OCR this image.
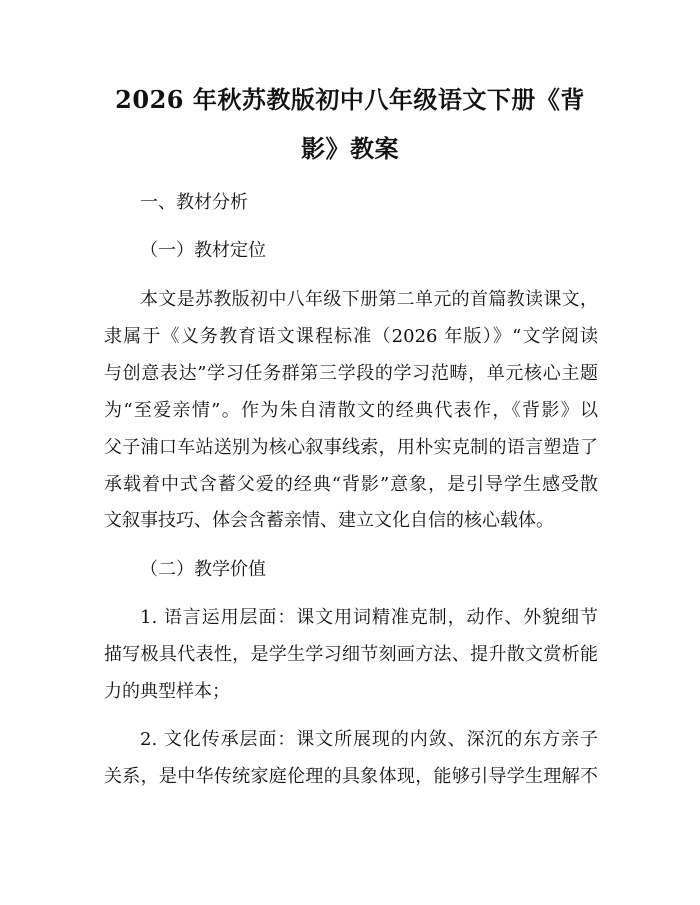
2026 年秋苏教版初中八年级语文下册《背
影》教案
一、教材分析
（一）教材定位
本文是苏教版初中八年级下册第二单元的首篇教读课文，
隶属于《义务教育语文课程标准（2026 年版）》“文学阅读
与创意表达”学习任务群第三学段的学习范畴，单元核心主题
为“至爱亲情”。作为朱自清散文的经典代表作，《背影》以
父子浦口车站送别为核心叙事线索，用朴实克制的语言塑造了
承载着中式含蓄父爱的经典“背影”意象，是引导学生感受散
文叙事技巧、体会含蓄亲情、建立文化自信的核心载体。
（二）教学价值
1. 语言运用层面：课文用词精准克制，动作、外貌细节
描写极具代表性，是学生学习细节刻画方法、提升散文赏析能
力的典型样本；
2. 文化传承层面：课文所展现的内敛、深沉的东方亲子
关系，是中华传统家庭伦理的具象体现，能够引导学生理解不
